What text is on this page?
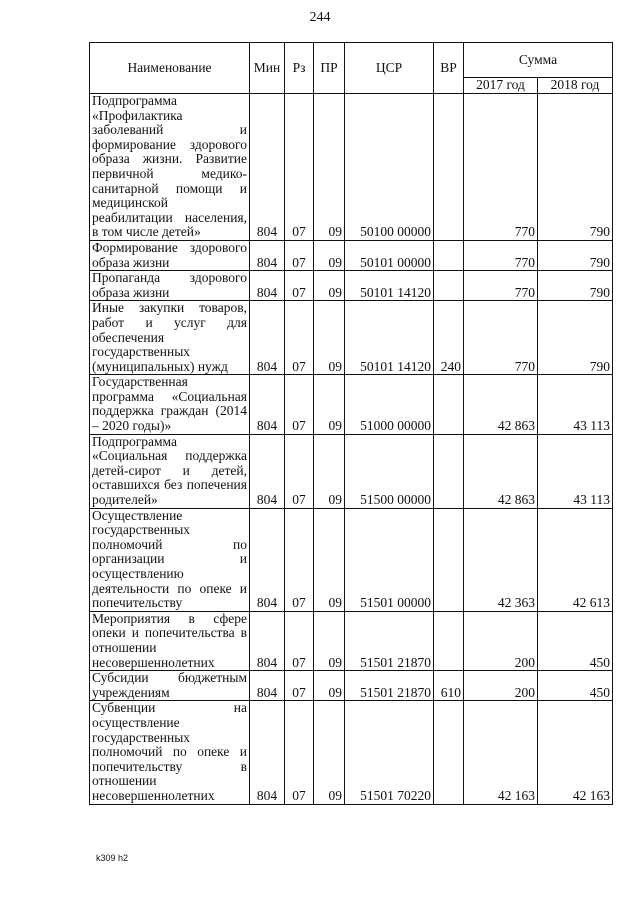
244
Наименование	Мин	Рз	ПР	ЦСР	ВР	Сумма	
						2017 год	2018 год
Подпрограмма «Профилактика заболеваний и формирование здорового образа жизни. Развитие первичной медико-санитарной помощи и медицинской реабилитации населения, в том числе детей»	804	07	09	50100 00000		770	790
Формирование здорового образа жизни	804	07	09	50101 00000		770	790
Пропаганда здорового образа жизни	804	07	09	50101 14120		770	790
Иные закупки товаров, работ и услуг для обеспечения государственных (муниципальных) нужд	804	07	09	50101 14120	240	770	790
Государственная программа «Социальная поддержка граждан (2014 – 2020 годы)»	804	07	09	51000 00000		42 863	43 113
Подпрограмма «Социальная поддержка детей-сирот и детей, оставшихся без попечения родителей»	804	07	09	51500 00000		42 863	43 113
Осуществление государственных полномочий по организации и осуществлению деятельности по опеке и попечительству	804	07	09	51501 00000		42 363	42 613
Мероприятия в сфере опеки и попечительства в отношении несовершеннолетних	804	07	09	51501 21870		200	450
Субсидии бюджетным учреждениям	804	07	09	51501 21870	610	200	450
Субвенции на осуществление государственных полномочий по опеке и попечительству в отношении несовершеннолетних	804	07	09	51501 70220		42 163	42 163
k309 h2
